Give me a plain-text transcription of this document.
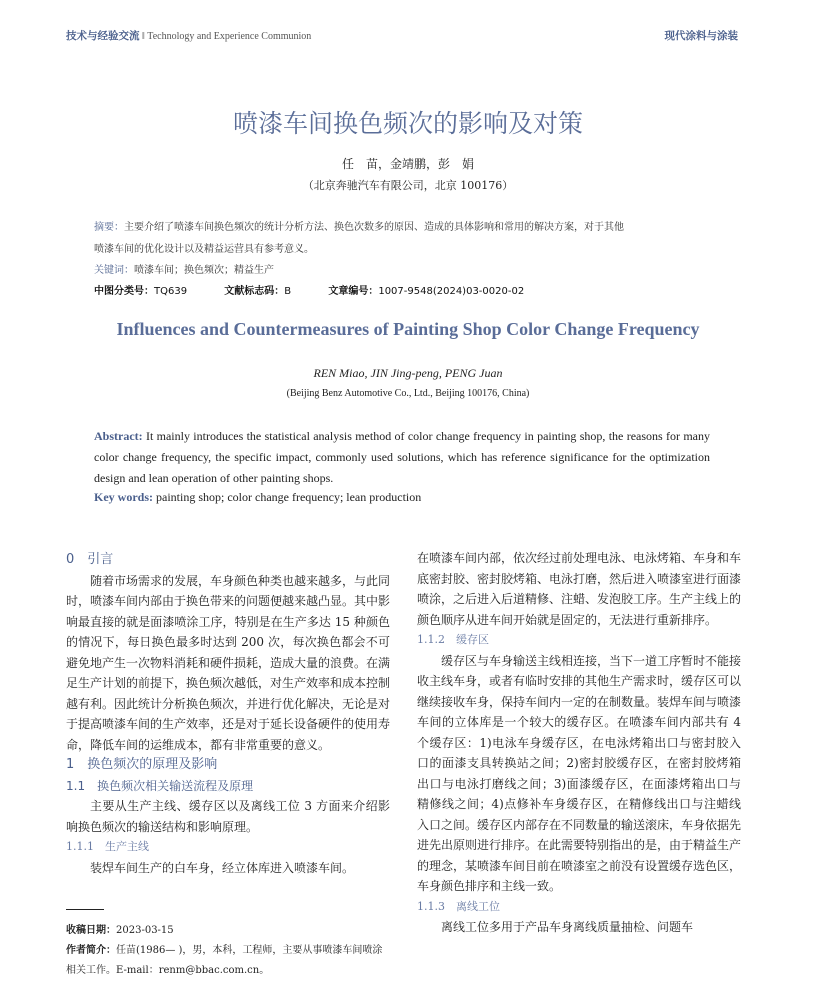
技术与经验交流 ‖ Technology and Experience Communion	现代涂料与涂装
喷漆车间换色频次的影响及对策
任　苗，金靖鹏，彭　娟
（北京奔驰汽车有限公司，北京 100176）
摘要：主要介绍了喷漆车间换色频次的统计分析方法、换色次数多的原因、造成的具体影响和常用的解决方案，对于其他
喷漆车间的优化设计以及精益运营具有参考意义。
关键词：喷漆车间；换色频次；精益生产
中图分类号：TQ639	文献标志码：B	文章编号：1007-9548(2024)03-0020-02
Influences and Countermeasures of Painting Shop Color Change Frequency
REN Miao, JIN Jing-peng, PENG Juan
(Beijing Benz Automotive Co., Ltd., Beijing 100176, China)
Abstract: It mainly introduces the statistical analysis method of color change frequency in painting shop, the reasons for many color change frequency, the specific impact, commonly used solutions, which has reference significance for the optimization design and lean operation of other painting shops.
Key words: painting shop; color change frequency; lean production

0　引言

随着市场需求的发展，车身颜色种类也越来越多，与此同时，喷漆车间内部由于换色带来的问题便越来越凸显。其中影响最直接的就是面漆喷涂工序，特别是在生产多达 15 种颜色的情况下，每日换色最多时达到 200 次，每次换色都会不可避免地产生一次物料消耗和硬件损耗，造成大量的浪费。在满足生产计划的前提下，换色频次越低，对生产效率和成本控制越有利。因此统计分析换色频次，并进行优化解决，无论是对于提高喷漆车间的生产效率，还是对于延长设备硬件的使用寿命，降低车间的运维成本，都有非常重要的意义。

1　换色频次的原理及影响

1.1　换色频次相关输送流程及原理

主要从生产主线、缓存区以及离线工位 3 方面来介绍影响换色频次的输送结构和影响原理。

1.1.1　生产主线

装焊车间生产的白车身，经立体库进入喷漆车间。

收稿日期：2023-03-15
作者简介：任苗(1986— )，男，本科，工程师，主要从事喷漆车间喷涂相关工作。E-mail：renm@bbac.com.cn。

在喷漆车间内部，依次经过前处理电泳、电泳烤箱、车身和车底密封胶、密封胶烤箱、电泳打磨，然后进入喷漆室进行面漆喷涂，之后进入后道精修、注蜡、发泡胶工序。生产主线上的颜色顺序从进车间开始就是固定的，无法进行重新排序。

1.1.2　缓存区

缓存区与车身输送主线相连接，当下一道工序暂时不能接收主线车身，或者有临时安排的其他生产需求时，缓存区可以继续接收车身，保持车间内一定的在制数量。装焊车间与喷漆车间的立体库是一个较大的缓存区。在喷漆车间内部共有 4 个缓存区：1)电泳车身缓存区，在电泳烤箱出口与密封胶入口的面漆支具转换站之间；2)密封胶缓存区，在密封胶烤箱出口与电泳打磨线之间；3)面漆缓存区，在面漆烤箱出口与精修线之间；4)点修补车身缓存区，在精修线出口与注蜡线入口之间。缓存区内部存在不同数量的输送滚床，车身依据先进先出原则进行排序。在此需要特别指出的是，由于精益生产的理念，某喷漆车间目前在喷漆室之前没有设置缓存选色区，车身颜色排序和主线一致。

1.1.3　离线工位

离线工位多用于产品车身离线质量抽检、问题车
